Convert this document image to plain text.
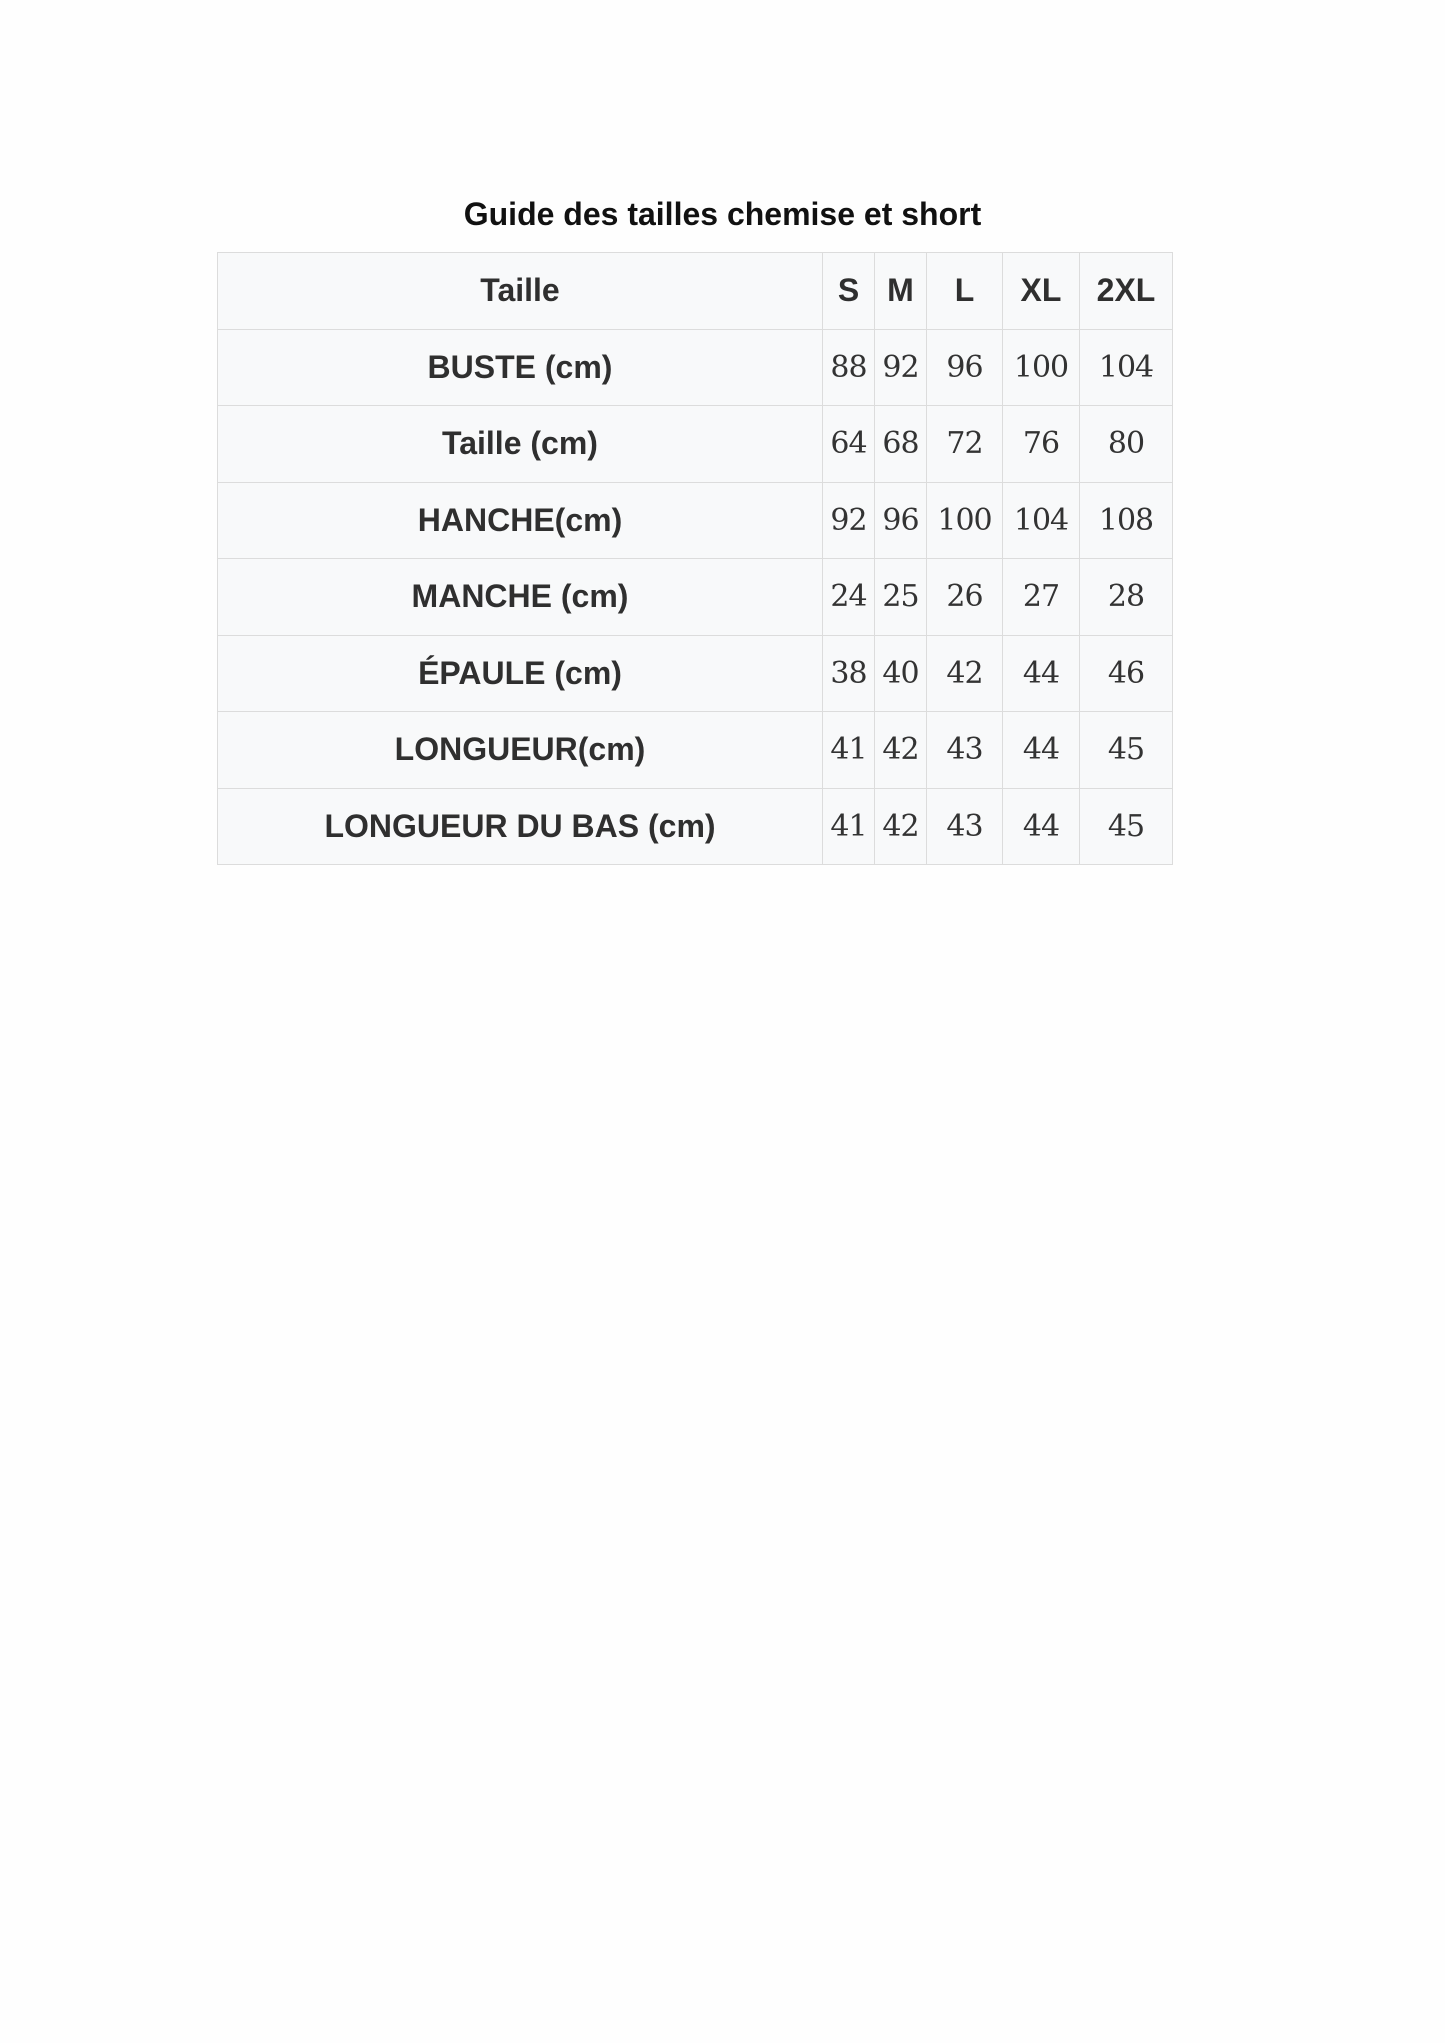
Guide des tailles chemise et short
Taille	S	M	L	XL	2XL
BUSTE (cm)	88	92	96	100	104
Taille (cm)	64	68	72	76	80
HANCHE(cm)	92	96	100	104	108
MANCHE (cm)	24	25	26	27	28
ÉPAULE (cm)	38	40	42	44	46
LONGUEUR(cm)	41	42	43	44	45
LONGUEUR DU BAS (cm)	41	42	43	44	45
